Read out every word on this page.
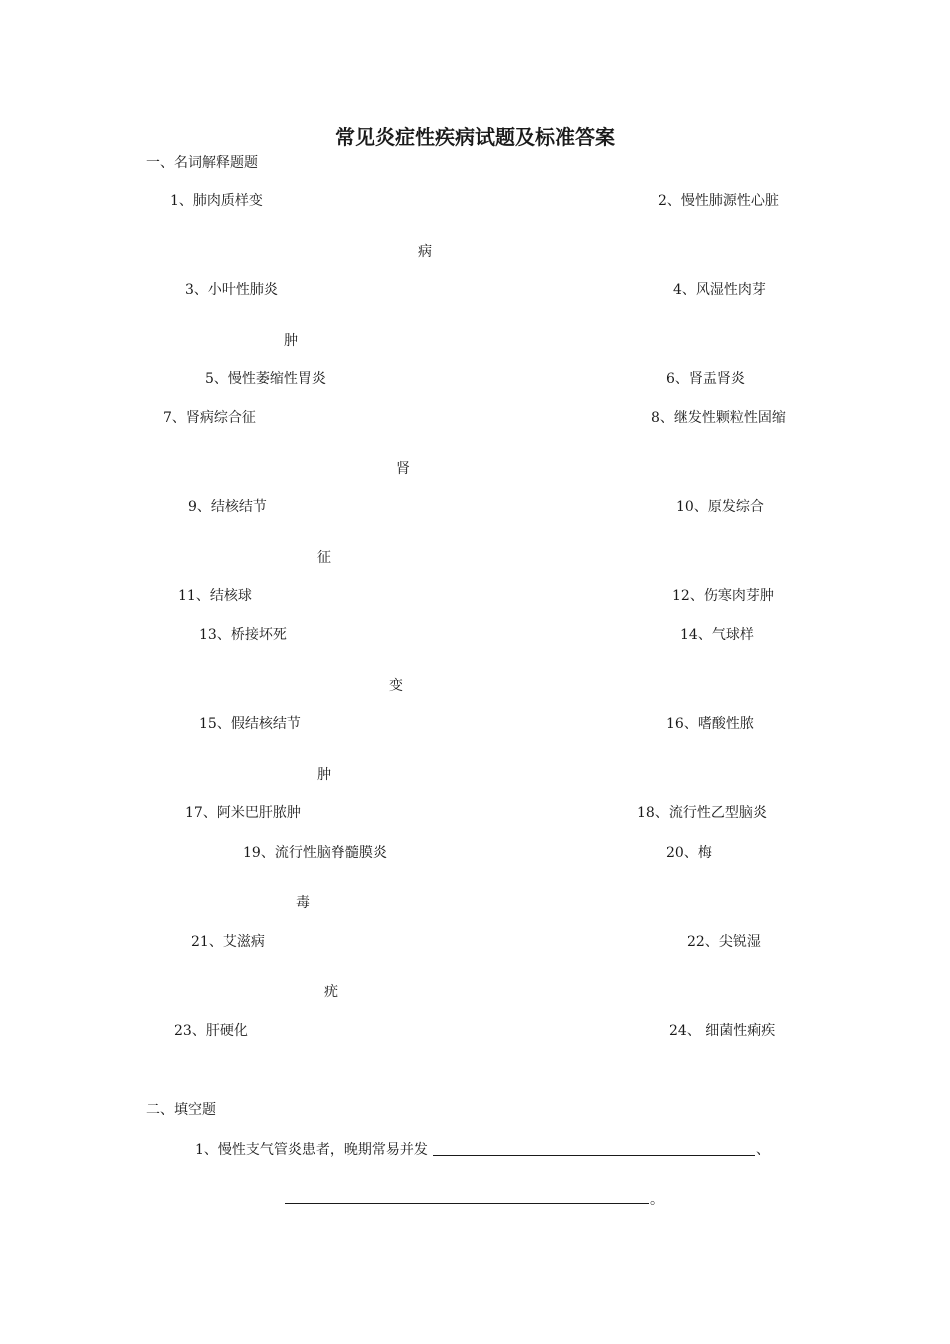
常见炎症性疾病试题及标准答案
一、名词解释题题
1、肺肉质样变	2、慢性肺源性心脏
病
3、小叶性肺炎	4、风湿性肉芽
肿
5、慢性萎缩性胃炎	6、肾盂肾炎
7、肾病综合征	8、继发性颗粒性固缩
肾
9、结核结节	10、原发综合
征
11、结核球	12、伤寒肉芽肿
13、桥接坏死	14、气球样
变
15、假结核结节	16、嗜酸性脓
肿
17、阿米巴肝脓肿	18、流行性乙型脑炎
19、流行性脑脊髓膜炎	20、梅
毒
21、艾滋病	22、尖锐湿
疣
23、肝硬化	24、 细菌性痢疾
二、填空题
1、慢性支气管炎患者，晚期常易并发	、
。
